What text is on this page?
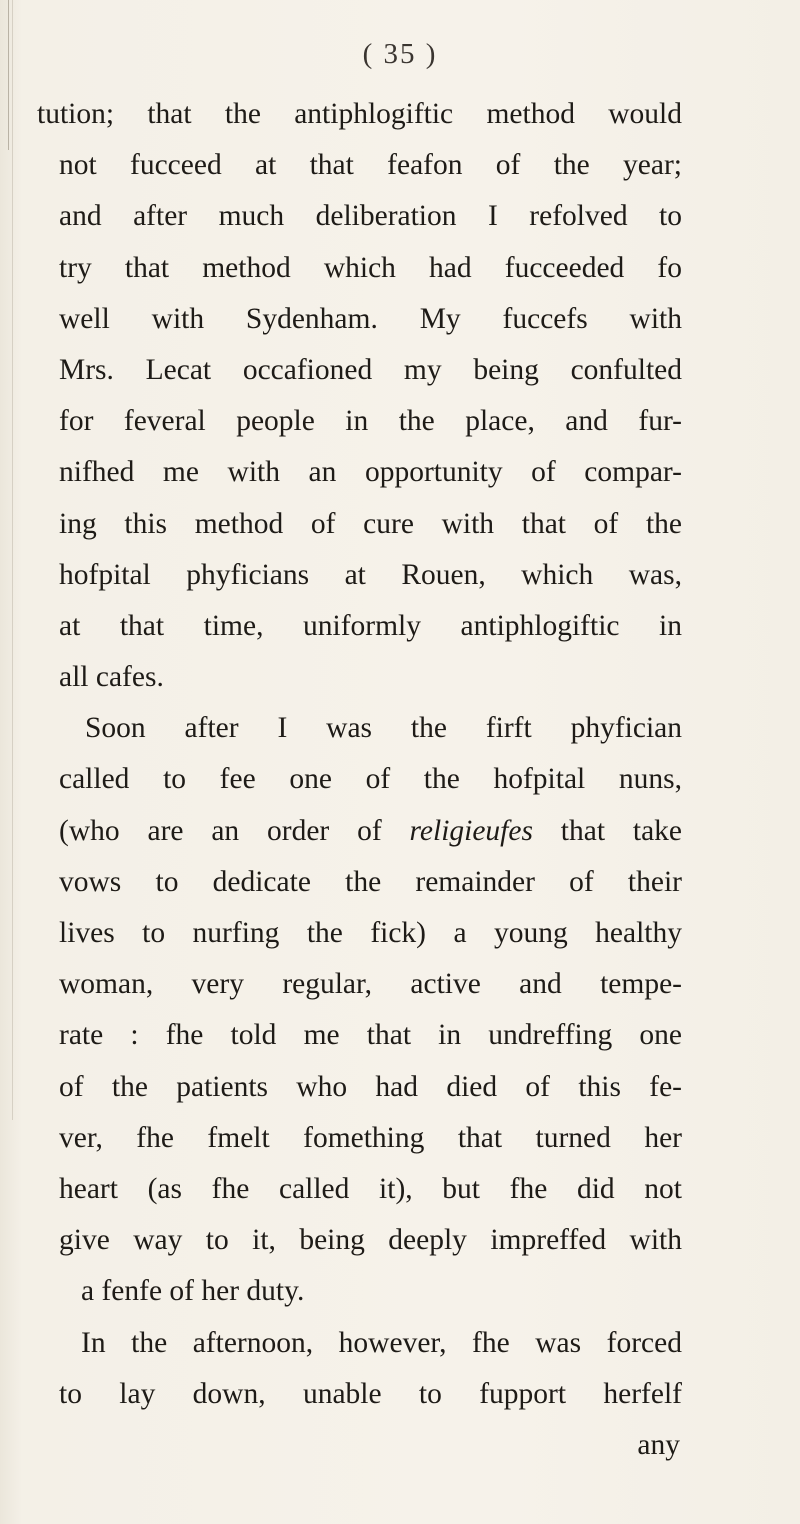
( 35 )
tution; that the antiphlogiftic method would
not fucceed at that feafon of the year;
and after much deliberation I refolved to
try that method which had fucceeded fo
well with Sydenham. My fuccefs with
Mrs. Lecat occafioned my being confulted
for feveral people in the place, and fur-
nifhed me with an opportunity of compar-
ing this method of cure with that of the
hofpital phyficians at Rouen, which was,
at that time, uniformly antiphlogiftic in
all cafes.
Soon after I was the firft phyfician
called to fee one of the hofpital nuns,
(who are an order of religieufes that take
vows to dedicate the remainder of their
lives to nurfing the fick) a young healthy
woman, very regular, active and tempe-
rate : fhe told me that in undreffing one
of the patients who had died of this fe-
ver, fhe fmelt fomething that turned her
heart (as fhe called it), but fhe did not
give way to it, being deeply impreffed with
a fenfe of her duty.
In the afternoon, however, fhe was forced
to lay down, unable to fupport herfelf
any
